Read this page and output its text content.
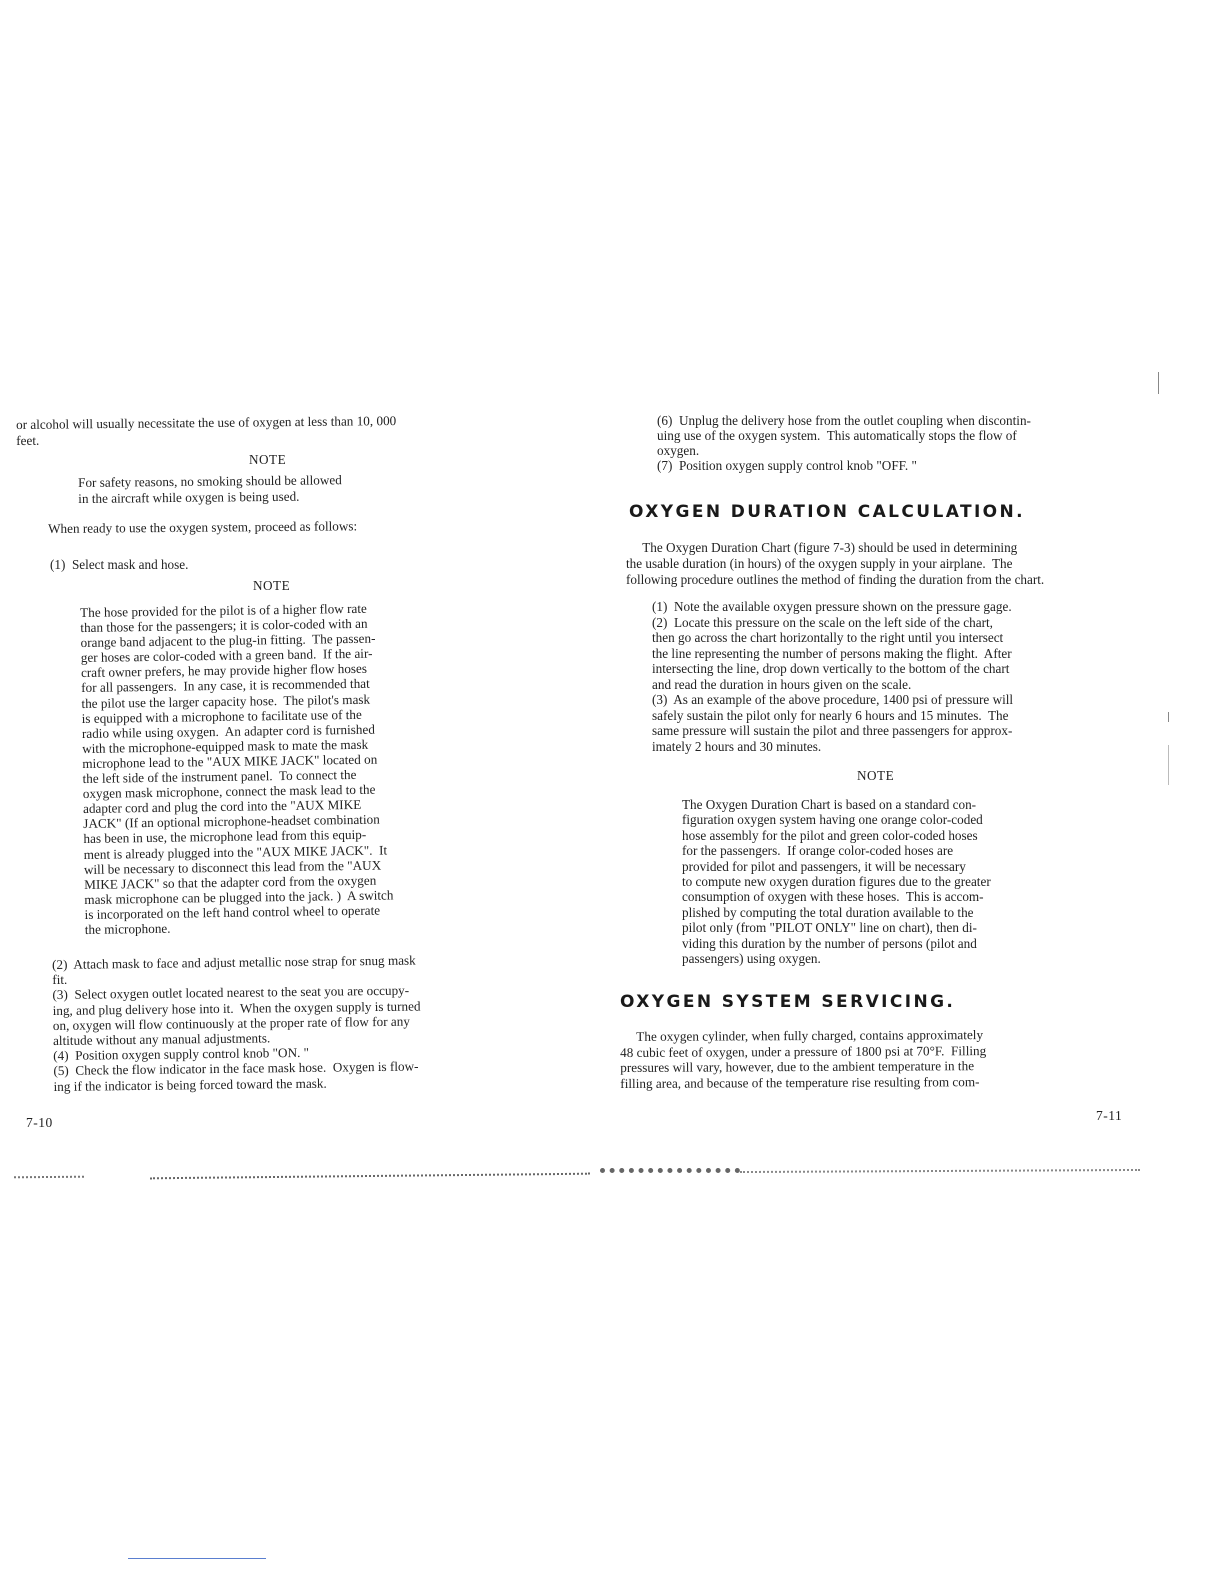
or alcohol will usually necessitate the use of oxygen at less than 10, 000
feet.

NOTE

For safety reasons, no smoking should be allowed
in the aircraft while oxygen is being used.

When ready to use the oxygen system, proceed as follows:

(1)  Select mask and hose.

NOTE

The hose provided for the pilot is of a higher flow rate
than those for the passengers; it is color-coded with an
orange band adjacent to the plug-in fitting.  The passen-
ger hoses are color-coded with a green band.  If the air-
craft owner prefers, he may provide higher flow hoses
for all passengers.  In any case, it is recommended that
the pilot use the larger capacity hose.  The pilot's mask
is equipped with a microphone to facilitate use of the
radio while using oxygen.  An adapter cord is furnished
with the microphone-equipped mask to mate the mask
microphone lead to the "AUX MIKE JACK" located on
the left side of the instrument panel.  To connect the
oxygen mask microphone, connect the mask lead to the
adapter cord and plug the cord into the "AUX MIKE
JACK" (If an optional microphone-headset combination
has been in use, the microphone lead from this equip-
ment is already plugged into the "AUX MIKE JACK".  It
will be necessary to disconnect this lead from the "AUX
MIKE JACK" so that the adapter cord from the oxygen
mask microphone can be plugged into the jack. )  A switch
is incorporated on the left hand control wheel to operate
the microphone.

(2)  Attach mask to face and adjust metallic nose strap for snug mask
fit.
(3)  Select oxygen outlet located nearest to the seat you are occupy-
ing, and plug delivery hose into it.  When the oxygen supply is turned
on, oxygen will flow continuously at the proper rate of flow for any
altitude without any manual adjustments.
(4)  Position oxygen supply control knob "ON. "
(5)  Check the flow indicator in the face mask hose.  Oxygen is flow-
ing if the indicator is being forced toward the mask.

7-10

(6)  Unplug the delivery hose from the outlet coupling when discontin-
uing use of the oxygen system.  This automatically stops the flow of
oxygen.
(7)  Position oxygen supply control knob "OFF. "

OXYGEN DURATION CALCULATION.

The Oxygen Duration Chart (figure 7-3) should be used in determining
the usable duration (in hours) of the oxygen supply in your airplane.  The
following procedure outlines the method of finding the duration from the chart.

(1)  Note the available oxygen pressure shown on the pressure gage.
(2)  Locate this pressure on the scale on the left side of the chart,
then go across the chart horizontally to the right until you intersect
the line representing the number of persons making the flight.  After
intersecting the line, drop down vertically to the bottom of the chart
and read the duration in hours given on the scale.
(3)  As an example of the above procedure, 1400 psi of pressure will
safely sustain the pilot only for nearly 6 hours and 15 minutes.  The
same pressure will sustain the pilot and three passengers for approx-
imately 2 hours and 30 minutes.

NOTE

The Oxygen Duration Chart is based on a standard con-
figuration oxygen system having one orange color-coded
hose assembly for the pilot and green color-coded hoses
for the passengers.  If orange color-coded hoses are
provided for pilot and passengers, it will be necessary
to compute new oxygen duration figures due to the greater
consumption of oxygen with these hoses.  This is accom-
plished by computing the total duration available to the
pilot only (from "PILOT ONLY" line on chart), then di-
viding this duration by the number of persons (pilot and
passengers) using oxygen.

OXYGEN SYSTEM SERVICING.

The oxygen cylinder, when fully charged, contains approximately
48 cubic feet of oxygen, under a pressure of 1800 psi at 70°F.  Filling
pressures will vary, however, due to the ambient temperature in the
filling area, and because of the temperature rise resulting from com-

7-11
